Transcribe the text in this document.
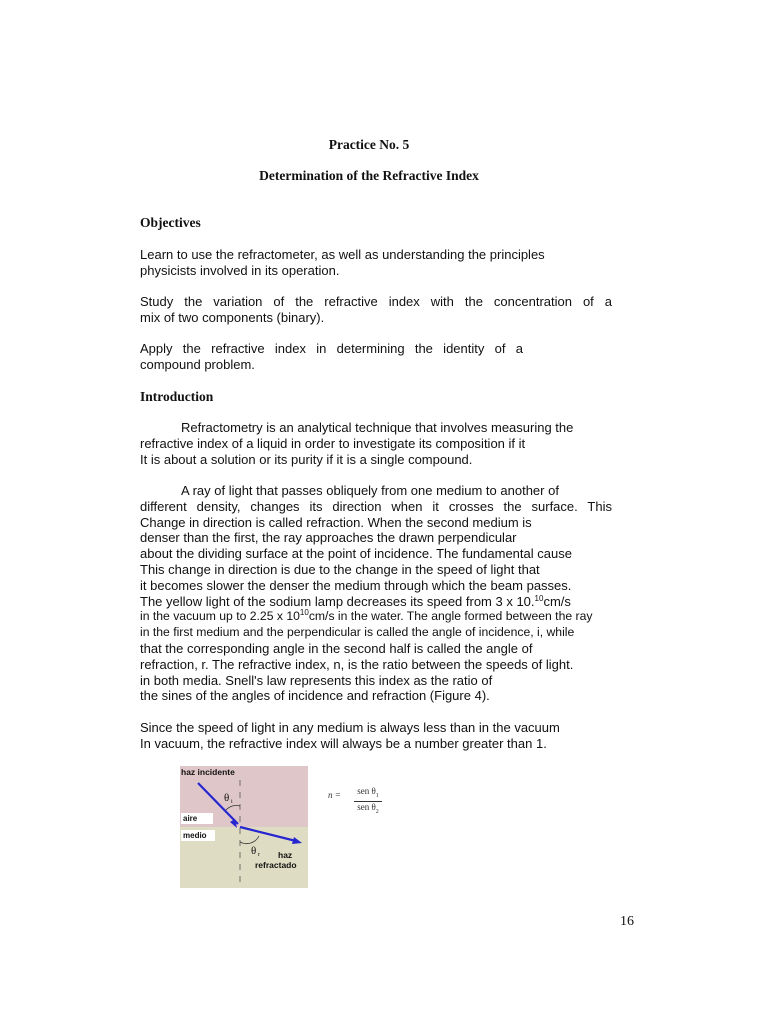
Practice No. 5
Determination of the Refractive Index
Objectives
Learn to use the refractometer, as well as understanding the principles
physicists involved in its operation.
Study the variation of the refractive index with the concentration of a
mix of two components (binary).
Apply the refractive index in determining the identity of a
compound problem.
Introduction
Refractometry is an analytical technique that involves measuring the
refractive index of a liquid in order to investigate its composition if it
It is about a solution or its purity if it is a single compound.
A ray of light that passes obliquely from one medium to another of
different density, changes its direction when it crosses the surface. This
Change in direction is called refraction. When the second medium is
denser than the first, the ray approaches the drawn perpendicular
about the dividing surface at the point of incidence. The fundamental cause
This change in direction is due to the change in the speed of light that
it becomes slower the denser the medium through which the beam passes.
The yellow light of the sodium lamp decreases its speed from 3 x 10.10cm/s
in the vacuum up to 2.25 x $10^{10}cm/s$ in the water. The angle formed between the ray
in the first medium and the perpendicular is called the angle of incidence, i, while
that the corresponding angle in the second half is called the angle of
refraction, r. The refractive index, n, is the ratio between the speeds of light.
in both media. Snell's law represents this index as the ratio of
the sines of the angles of incidence and refraction (Figure 4).
Since the speed of light in any medium is always less than in the vacuum
In vacuum, the refractive index will always be a number greater than 1.
haz incidente
aire
medio
θ i
θ r haz
refractado
n =	sen $\theta_1$
sen $\theta_2$
16
